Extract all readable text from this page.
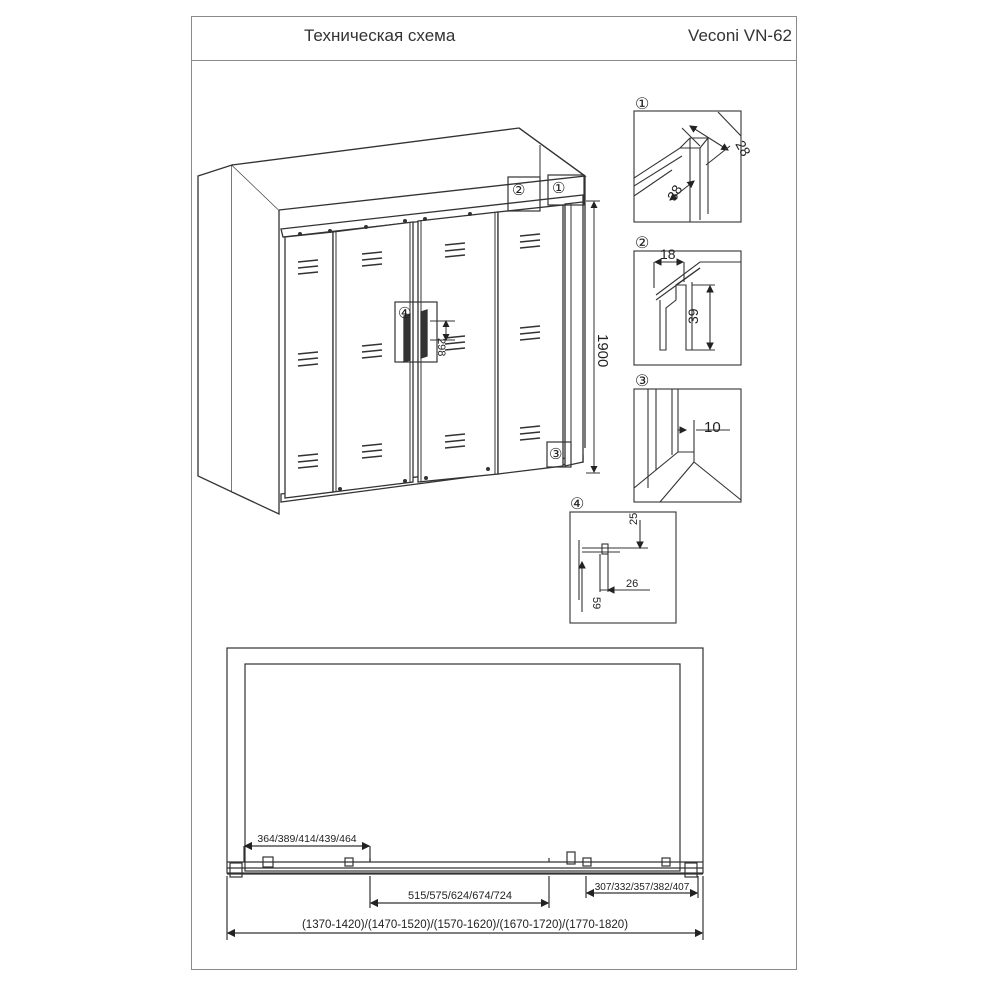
Техническая схема	Veconi VN-62
② ①
③
④
298	1900
①
28
38
②
18
39
③
10
④
25
26
59
364/389/414/439/464
515/575/624/674/724
307/332/357/382/407
(1370-1420)/(1470-1520)/(1570-1620)/(1670-1720)/(1770-1820)
